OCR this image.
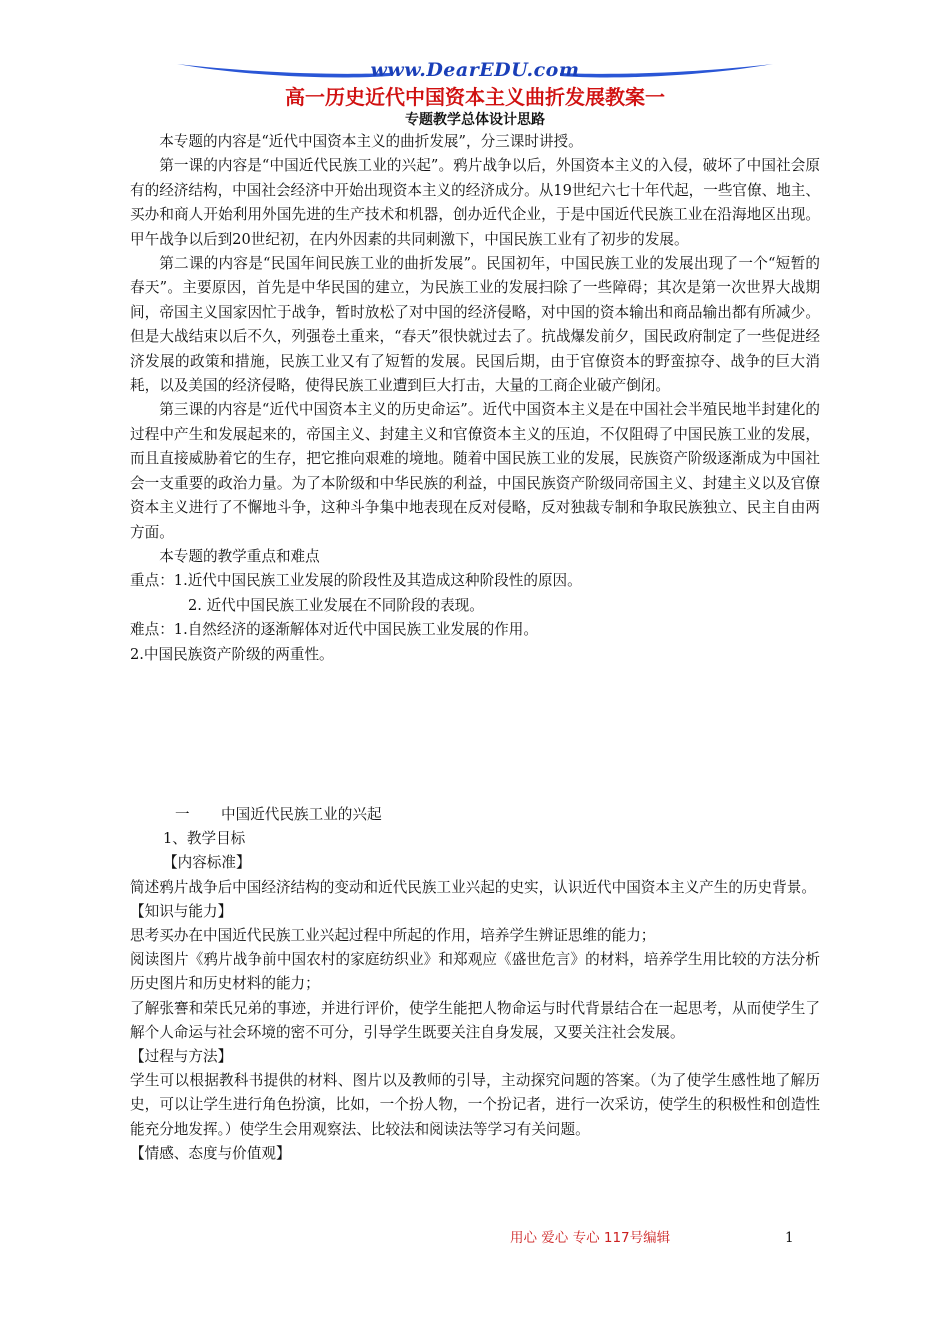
www.DearEDU.com
高一历史近代中国资本主义曲折发展教案一
专题教学总体设计思路

本专题的内容是“近代中国资本主义的曲折发展”，分三课时讲授。

第一课的内容是“中国近代民族工业的兴起”。鸦片战争以后，外国资本主义的入侵，破坏了中国社会原有的经济结构，中国社会经济中开始出现资本主义的经济成分。从19世纪六七十年代起，一些官僚、地主、买办和商人开始利用外国先进的生产技术和机器，创办近代企业，于是中国近代民族工业在沿海地区出现。甲午战争以后到20世纪初，在内外因素的共同刺激下，中国民族工业有了初步的发展。

第二课的内容是“民国年间民族工业的曲折发展”。民国初年，中国民族工业的发展出现了一个“短暂的春天”。主要原因，首先是中华民国的建立，为民族工业的发展扫除了一些障碍；其次是第一次世界大战期间，帝国主义国家因忙于战争，暂时放松了对中国的经济侵略，对中国的资本输出和商品输出都有所减少。但是大战结束以后不久，列强卷土重来，“春天”很快就过去了。抗战爆发前夕，国民政府制定了一些促进经济发展的政策和措施，民族工业又有了短暂的发展。民国后期，由于官僚资本的野蛮掠夺、战争的巨大消耗，以及美国的经济侵略，使得民族工业遭到巨大打击，大量的工商企业破产倒闭。

第三课的内容是“近代中国资本主义的历史命运”。近代中国资本主义是在中国社会半殖民地半封建化的过程中产生和发展起来的，帝国主义、封建主义和官僚资本主义的压迫，不仅阻碍了中国民族工业的发展，而且直接威胁着它的生存，把它推向艰难的境地。随着中国民族工业的发展，民族资产阶级逐渐成为中国社会一支重要的政治力量。为了本阶级和中华民族的利益，中国民族资产阶级同帝国主义、封建主义以及官僚资本主义进行了不懈地斗争，这种斗争集中地表现在反对侵略，反对独裁专制和争取民族独立、民主自由两方面。

本专题的教学重点和难点

重点：1.近代中国民族工业发展的阶段性及其造成这种阶段性的原因。

2. 近代中国民族工业发展在不同阶段的表现。

难点：1.自然经济的逐渐解体对近代中国民族工业发展的作用。

2.中国民族资产阶级的两重性。

一 中国近代民族工业的兴起

1、教学目标

【内容标准】

简述鸦片战争后中国经济结构的变动和近代民族工业兴起的史实，认识近代中国资本主义产生的历史背景。

【知识与能力】

思考买办在中国近代民族工业兴起过程中所起的作用，培养学生辨证思维的能力；

阅读图片《鸦片战争前中国农村的家庭纺织业》和郑观应《盛世危言》的材料，培养学生用比较的方法分析历史图片和历史材料的能力；

了解张謇和荣氏兄弟的事迹，并进行评价，使学生能把人物命运与时代背景结合在一起思考，从而使学生了解个人命运与社会环境的密不可分，引导学生既要关注自身发展，又要关注社会发展。

【过程与方法】

学生可以根据教科书提供的材料、图片以及教师的引导，主动探究问题的答案。（为了使学生感性地了解历史，可以让学生进行角色扮演，比如，一个扮人物，一个扮记者，进行一次采访，使学生的积极性和创造性能充分地发挥。）使学生会用观察法、比较法和阅读法等学习有关问题。

【情感、态度与价值观】

用心 爱心 专心 117号编辑	1
